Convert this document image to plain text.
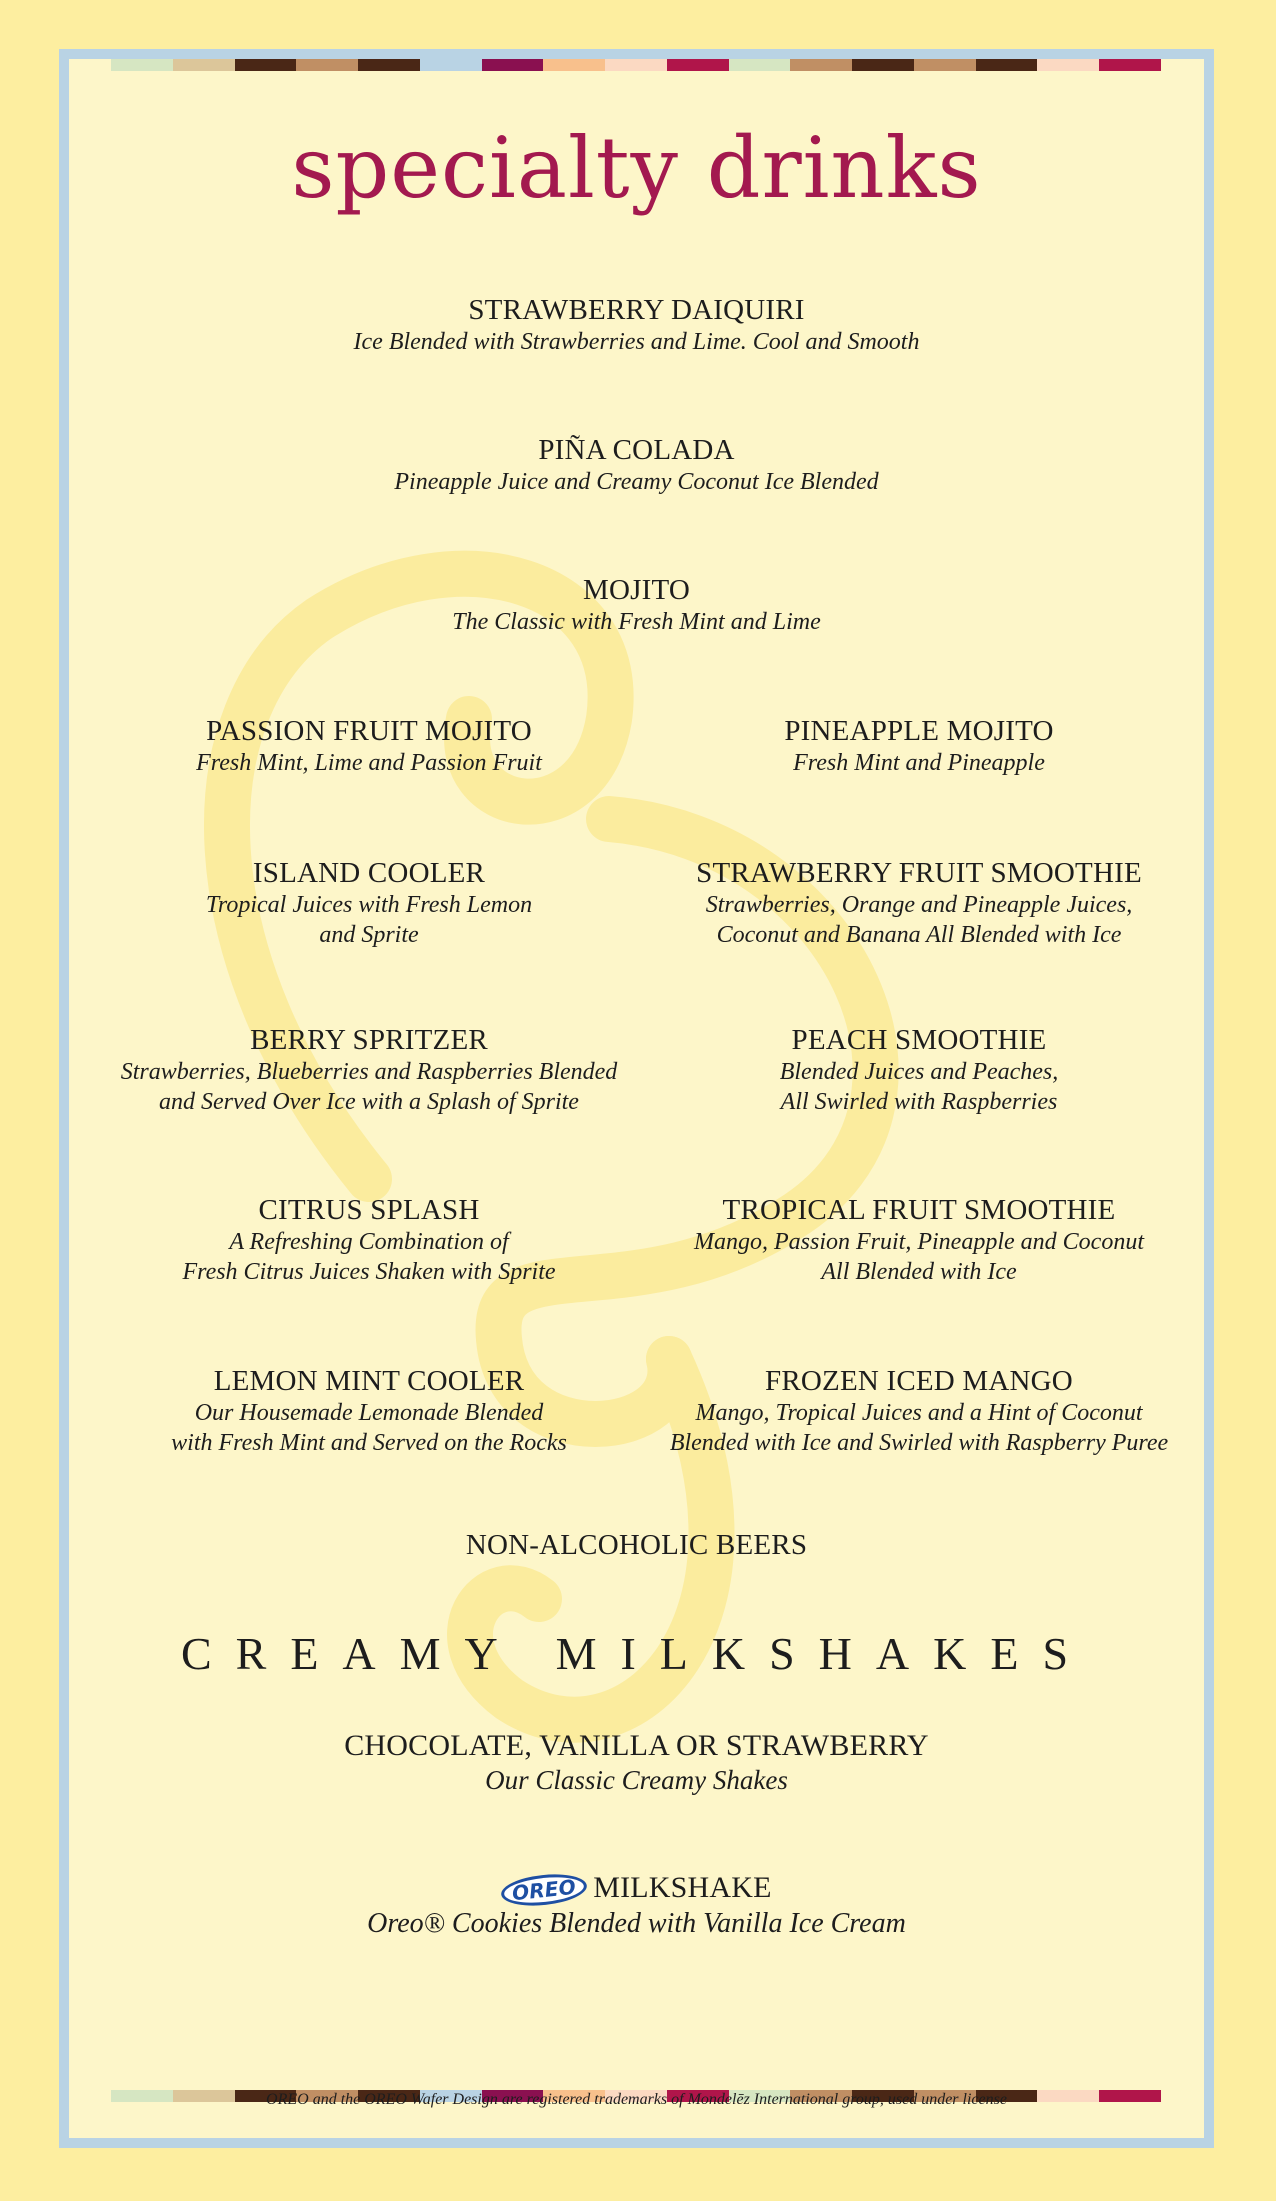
specialty drinks
STRAWBERRY DAIQUIRI
Ice Blended with Strawberries and Lime. Cool and Smooth
PIÑA COLADA
Pineapple Juice and Creamy Coconut Ice Blended
MOJITO
The Classic with Fresh Mint and Lime
PASSION FRUIT MOJITO
Fresh Mint, Lime and Passion Fruit
PINEAPPLE MOJITO
Fresh Mint and Pineapple
ISLAND COOLER
Tropical Juices with Fresh Lemon
and Sprite
STRAWBERRY FRUIT SMOOTHIE
Strawberries, Orange and Pineapple Juices,
Coconut and Banana All Blended with Ice
BERRY SPRITZER
Strawberries, Blueberries and Raspberries Blended
and Served Over Ice with a Splash of Sprite
PEACH SMOOTHIE
Blended Juices and Peaches,
All Swirled with Raspberries
CITRUS SPLASH
A Refreshing Combination of
Fresh Citrus Juices Shaken with Sprite
TROPICAL FRUIT SMOOTHIE
Mango, Passion Fruit, Pineapple and Coconut
All Blended with Ice
LEMON MINT COOLER
Our Housemade Lemonade Blended
with Fresh Mint and Served on the Rocks
FROZEN ICED MANGO
Mango, Tropical Juices and a Hint of Coconut
Blended with Ice and Swirled with Raspberry Puree
NON-ALCOHOLIC BEERS
CREAMY MILKSHAKES
CHOCOLATE, VANILLA OR STRAWBERRY
Our Classic Creamy Shakes
OREO MILKSHAKE
Oreo® Cookies Blended with Vanilla Ice Cream
OREO and the OREO Wafer Design are registered trademarks of Mondelēz International group, used under license
